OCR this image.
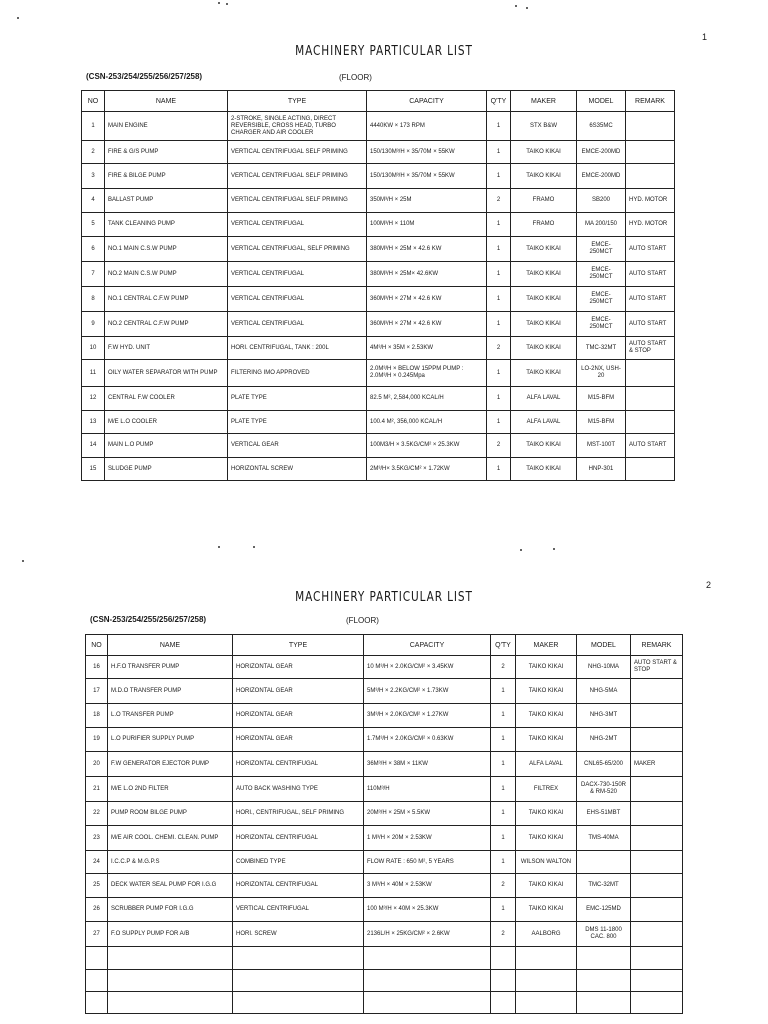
1
MACHINERY PARTICULAR LIST
(CSN-253/254/255/256/257/258)	(FLOOR)
NO	NAME	TYPE	CAPACITY	Q'TY	MAKER	MODEL	REMARK
1	MAIN ENGINE	2-STROKE, SINGLE ACTING, DIRECT REVERSIBLE, CROSS HEAD, TURBO CHARGER AND AIR COOLER	4440KW × 173 RPM	1	STX B&W	6S35MC	
2	FIRE & G/S PUMP	VERTICAL CENTRIFUGAL SELF PRIMING	150/130M³/H × 35/70M × 55KW	1	TAIKO KIKAI	EMCE-200MD	
3	FIRE & BILGE PUMP	VERTICAL CENTRIFUGAL SELF PRIMING	150/130M³/H × 35/70M × 55KW	1	TAIKO KIKAI	EMCE-200MD	
4	BALLAST PUMP	VERTICAL CENTRIFUGAL SELF PRIMING	350M³/H × 25M	2	FRAMO	SB200	HYD. MOTOR
5	TANK CLEANING PUMP	VERTICAL CENTRIFUGAL	100M³/H × 110M	1	FRAMO	MA 200/150	HYD. MOTOR
6	NO.1 MAIN C.S.W PUMP	VERTICAL CENTRIFUGAL, SELF PRIMING	380M³/H × 25M × 42.6 KW	1	TAIKO KIKAI	EMCE-250MCT	AUTO START
7	NO.2 MAIN C.S.W PUMP	VERTICAL CENTRIFUGAL	380M³/H × 25M× 42.6KW	1	TAIKO KIKAI	EMCE-250MCT	AUTO START
8	NO.1 CENTRAL C.F.W PUMP	VERTICAL CENTRIFUGAL	360M³/H × 27M × 42.6 KW	1	TAIKO KIKAI	EMCE-250MCT	AUTO START
9	NO.2 CENTRAL C.F.W PUMP	VERTICAL CENTRIFUGAL	360M³/H × 27M × 42.6 KW	1	TAIKO KIKAI	EMCE-250MCT	AUTO START
10	F.W HYD. UNIT	HORI. CENTRIFUGAL, TANK : 200L	4M³/H × 35M × 2.53KW	2	TAIKO KIKAI	TMC-32MT	AUTO START & STOP
11	OILY WATER SEPARATOR WITH PUMP	FILTERING IMO APPROVED	2.0M³/H × BELOW 15PPM PUMP : 2.0M³/H × 0.245Mpa	1	TAIKO KIKAI	LO-2NX, USH-20	
12	CENTRAL F.W COOLER	PLATE TYPE	82.5 M², 2,584,000 KCAL/H	1	ALFA LAVAL	M15-BFM	
13	M/E L.O COOLER	PLATE TYPE	100.4 M², 356,000 KCAL/H	1	ALFA LAVAL	M15-BFM	
14	MAIN L.O PUMP	VERTICAL GEAR	100M3/H × 3.5KG/CM² × 25.3KW	2	TAIKO KIKAI	MST-100T	AUTO START
15	SLUDGE PUMP	HORIZONTAL SCREW	2M³/H× 3.5KG/CM² × 1.72KW	1	TAIKO KIKAI	HNP-301	
2
MACHINERY PARTICULAR LIST
(CSN-253/254/255/256/257/258)	(FLOOR)
NO	NAME	TYPE	CAPACITY	Q'TY	MAKER	MODEL	REMARK
16	H.F.O TRANSFER PUMP	HORIZONTAL GEAR	10 M³/H × 2.0KG/CM² × 3.45KW	2	TAIKO KIKAI	NHG-10MA	AUTO START & STOP
17	M.D.O TRANSFER PUMP	HORIZONTAL GEAR	5M³/H × 2.2KG/CM² × 1.73KW	1	TAIKO KIKAI	NHG-5MA	
18	L.O TRANSFER PUMP	HORIZONTAL GEAR	3M³/H × 2.0KG/CM² × 1.27KW	1	TAIKO KIKAI	NHG-3MT	
19	L.O PURIFIER SUPPLY PUMP	HORIZONTAL GEAR	1.7M³/H × 2.0KG/CM² × 0.63KW	1	TAIKO KIKAI	NHG-2MT	
20	F.W GENERATOR EJECTOR PUMP	HORIZONTAL CENTRIFUGAL	36M³/H × 38M × 11KW	1	ALFA LAVAL	CNL65-65/200	MAKER
21	M/E L.O 2ND FILTER	AUTO BACK WASHING TYPE	110M³/H	1	FILTREX	DACX-730-150R & RM-520	
22	PUMP ROOM BILGE PUMP	HORI., CENTRIFUGAL, SELF PRIMING	20M³/H × 25M × 5.5KW	1	TAIKO KIKAI	EHS-51MBT	
23	M/E AIR COOL. CHEMI. CLEAN. PUMP	HORIZONTAL CENTRIFUGAL	1 M³/H × 20M × 2.53KW	1	TAIKO KIKAI	TMS-40MA	
24	I.C.C.P & M.G.P.S	COMBINED TYPE	FLOW RATE : 650 M², 5 YEARS	1	WILSON WALTON		
25	DECK WATER SEAL PUMP FOR I.G.G	HORIZONTAL CENTRIFUGAL	3 M³/H × 40M × 2.53KW	2	TAIKO KIKAI	TMC-32MT	
26	SCRUBBER PUMP FOR I.G.G	VERTICAL CENTRIFUGAL	100 M³/H × 40M × 25.3KW	1	TAIKO KIKAI	EMC-125MD	
27	F.O SUPPLY PUMP FOR A/B	HORI. SCREW	2136L/H × 25KG/CM² × 2.6KW	2	AALBORG	DMS 11-1800 CAC. 800	
